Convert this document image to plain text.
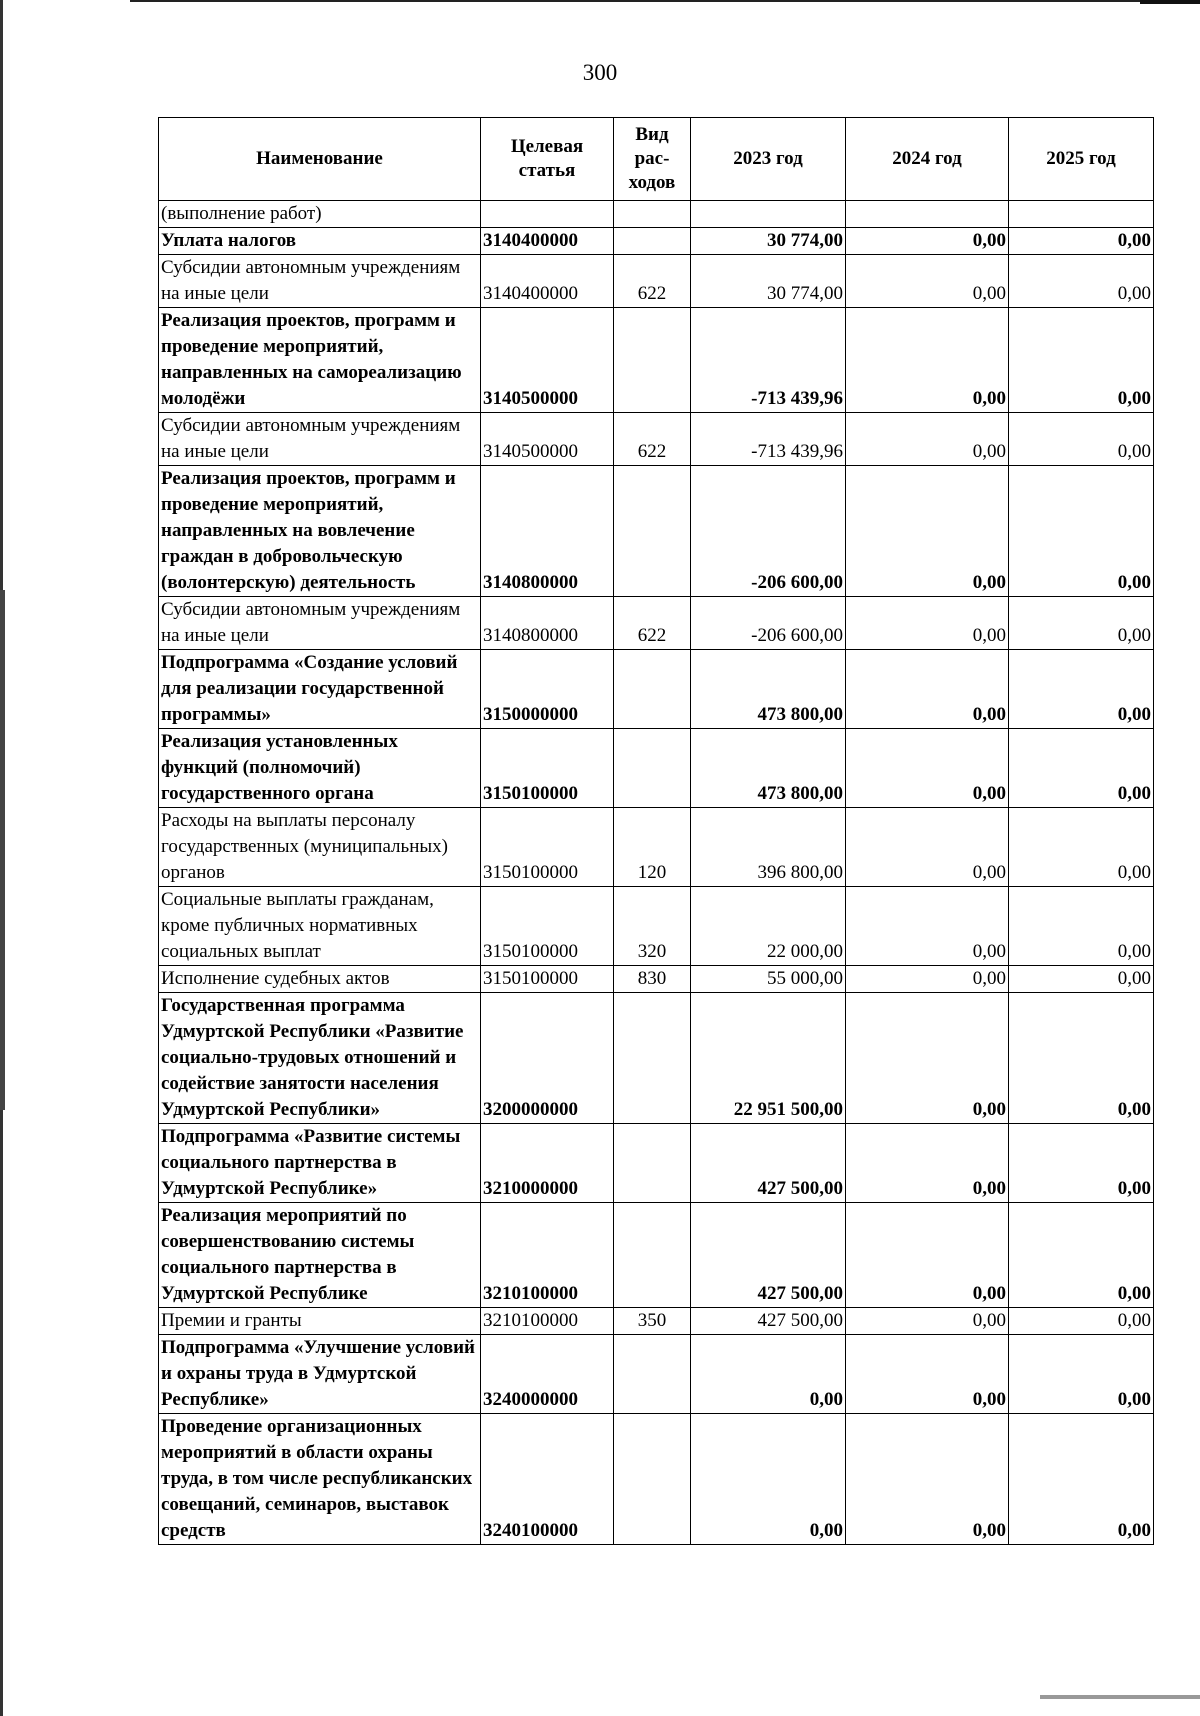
300
Наименование	Целевая статья	Вид рас-ходов	2023 год	2024 год	2025 год
(выполнение работ)					
Уплата налогов	3140400000		30 774,00	0,00	0,00
Субсидии автономным учреждениям на иные цели	3140400000	622	30 774,00	0,00	0,00
Реализация проектов, программ и проведение мероприятий, направленных на самореализацию молодёжи	3140500000		-713 439,96	0,00	0,00
Субсидии автономным учреждениям на иные цели	3140500000	622	-713 439,96	0,00	0,00
Реализация проектов, программ и проведение мероприятий, направленных на вовлечение граждан в добровольческую (волонтерскую) деятельность	3140800000		-206 600,00	0,00	0,00
Субсидии автономным учреждениям на иные цели	3140800000	622	-206 600,00	0,00	0,00
Подпрограмма «Создание условий для реализации государственной программы»	3150000000		473 800,00	0,00	0,00
Реализация установленных функций (полномочий) государственного органа	3150100000		473 800,00	0,00	0,00
Расходы на выплаты персоналу государственных (муниципальных) органов	3150100000	120	396 800,00	0,00	0,00
Социальные выплаты гражданам, кроме публичных нормативных социальных выплат	3150100000	320	22 000,00	0,00	0,00
Исполнение судебных актов	3150100000	830	55 000,00	0,00	0,00
Государственная программа Удмуртской Республики «Развитие социально-трудовых отношений и содействие занятости населения Удмуртской Республики»	3200000000		22 951 500,00	0,00	0,00
Подпрограмма «Развитие системы социального партнерства в Удмуртской Республике»	3210000000		427 500,00	0,00	0,00
Реализация мероприятий по совершенствованию системы социального партнерства в Удмуртской Республике	3210100000		427 500,00	0,00	0,00
Премии и гранты	3210100000	350	427 500,00	0,00	0,00
Подпрограмма «Улучшение условий и охраны труда в Удмуртской Республике»	3240000000		0,00	0,00	0,00
Проведение организационных мероприятий в области охраны труда, в том числе республиканских совещаний, семинаров, выставок средств	3240100000		0,00	0,00	0,00
